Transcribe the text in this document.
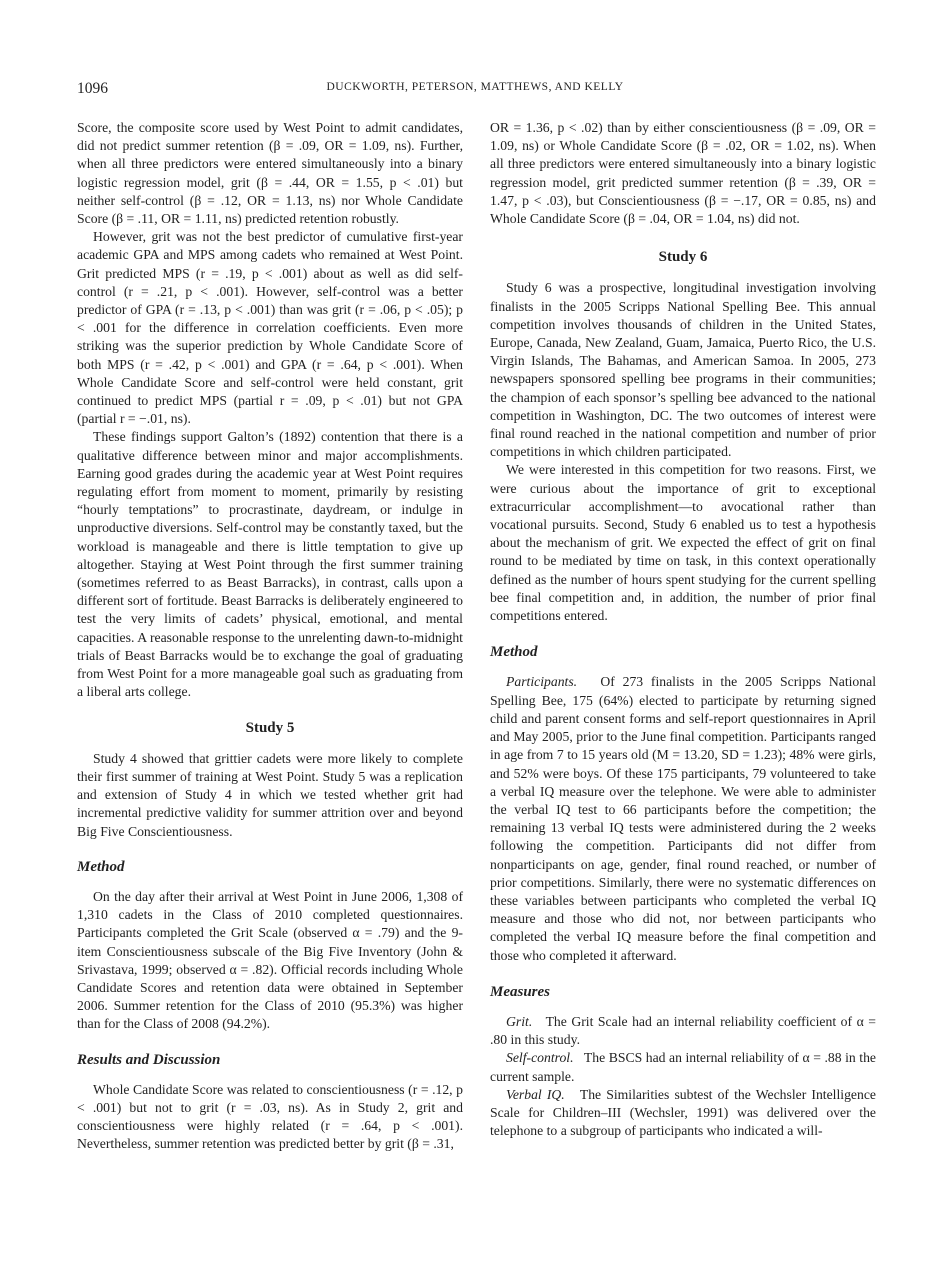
1096	DUCKWORTH, PETERSON, MATTHEWS, AND KELLY

Score, the composite score used by West Point to admit candidates, did not predict summer retention (β = .09, OR = 1.09, ns). Further, when all three predictors were entered simultaneously into a binary logistic regression model, grit (β = .44, OR = 1.55, p < .01) but neither self-control (β = .12, OR = 1.13, ns) nor Whole Candidate Score (β = .11, OR = 1.11, ns) predicted retention robustly.

However, grit was not the best predictor of cumulative first-year academic GPA and MPS among cadets who remained at West Point. Grit predicted MPS (r = .19, p < .001) about as well as did self-control (r = .21, p < .001). However, self-control was a better predictor of GPA (r = .13, p < .001) than was grit (r = .06, p < .05); p < .001 for the difference in correlation coefficients. Even more striking was the superior prediction by Whole Candidate Score of both MPS (r = .42, p < .001) and GPA (r = .64, p < .001). When Whole Candidate Score and self-control were held constant, grit continued to predict MPS (partial r = .09, p < .01) but not GPA (partial r = −.01, ns).

These findings support Galton’s (1892) contention that there is a qualitative difference between minor and major accomplishments. Earning good grades during the academic year at West Point requires regulating effort from moment to moment, primarily by resisting “hourly temptations” to procrastinate, daydream, or indulge in unproductive diversions. Self-control may be constantly taxed, but the workload is manageable and there is little temptation to give up altogether. Staying at West Point through the first summer training (sometimes referred to as Beast Barracks), in contrast, calls upon a different sort of fortitude. Beast Barracks is deliberately engineered to test the very limits of cadets’ physical, emotional, and mental capacities. A reasonable response to the unrelenting dawn-to-midnight trials of Beast Barracks would be to exchange the goal of graduating from West Point for a more manageable goal such as graduating from a liberal arts college.

Study 5

Study 4 showed that grittier cadets were more likely to complete their first summer of training at West Point. Study 5 was a replication and extension of Study 4 in which we tested whether grit had incremental predictive validity for summer attrition over and beyond Big Five Conscientiousness.

Method

On the day after their arrival at West Point in June 2006, 1,308 of 1,310 cadets in the Class of 2010 completed questionnaires. Participants completed the Grit Scale (observed α = .79) and the 9-item Conscientiousness subscale of the Big Five Inventory (John & Srivastava, 1999; observed α = .82). Official records including Whole Candidate Scores and retention data were obtained in September 2006. Summer retention for the Class of 2010 (95.3%) was higher than for the Class of 2008 (94.2%).

Results and Discussion

Whole Candidate Score was related to conscientiousness (r = .12, p < .001) but not to grit (r = .03, ns). As in Study 2, grit and conscientiousness were highly related (r = .64, p < .001). Nevertheless, summer retention was predicted better by grit (β = .31,

OR = 1.36, p < .02) than by either conscientiousness (β = .09, OR = 1.09, ns) or Whole Candidate Score (β = .02, OR = 1.02, ns). When all three predictors were entered simultaneously into a binary logistic regression model, grit predicted summer retention (β = .39, OR = 1.47, p < .03), but Conscientiousness (β = −.17, OR = 0.85, ns) and Whole Candidate Score (β = .04, OR = 1.04, ns) did not.

Study 6

Study 6 was a prospective, longitudinal investigation involving finalists in the 2005 Scripps National Spelling Bee. This annual competition involves thousands of children in the United States, Europe, Canada, New Zealand, Guam, Jamaica, Puerto Rico, the U.S. Virgin Islands, The Bahamas, and American Samoa. In 2005, 273 newspapers sponsored spelling bee programs in their communities; the champion of each sponsor’s spelling bee advanced to the national competition in Washington, DC. The two outcomes of interest were final round reached in the national competition and number of prior competitions in which children participated.

We were interested in this competition for two reasons. First, we were curious about the importance of grit to exceptional extracurricular accomplishment—to avocational rather than vocational pursuits. Second, Study 6 enabled us to test a hypothesis about the mechanism of grit. We expected the effect of grit on final round to be mediated by time on task, in this context operationally defined as the number of hours spent studying for the current spelling bee final competition and, in addition, the number of prior final competitions entered.

Method

Participants. Of 273 finalists in the 2005 Scripps National Spelling Bee, 175 (64%) elected to participate by returning signed child and parent consent forms and self-report questionnaires in April and May 2005, prior to the June final competition. Participants ranged in age from 7 to 15 years old (M = 13.20, SD = 1.23); 48% were girls, and 52% were boys. Of these 175 participants, 79 volunteered to take a verbal IQ measure over the telephone. We were able to administer the verbal IQ test to 66 participants before the competition; the remaining 13 verbal IQ tests were administered during the 2 weeks following the competition. Participants did not differ from nonparticipants on age, gender, final round reached, or number of prior competitions. Similarly, there were no systematic differences on these variables between participants who completed the verbal IQ measure and those who did not, nor between participants who completed the verbal IQ measure before the final competition and those who completed it afterward.

Measures

Grit. The Grit Scale had an internal reliability coefficient of α = .80 in this study.

Self-control. The BSCS had an internal reliability of α = .88 in the current sample.

Verbal IQ. The Similarities subtest of the Wechsler Intelligence Scale for Children–III (Wechsler, 1991) was delivered over the telephone to a subgroup of participants who indicated a will-
